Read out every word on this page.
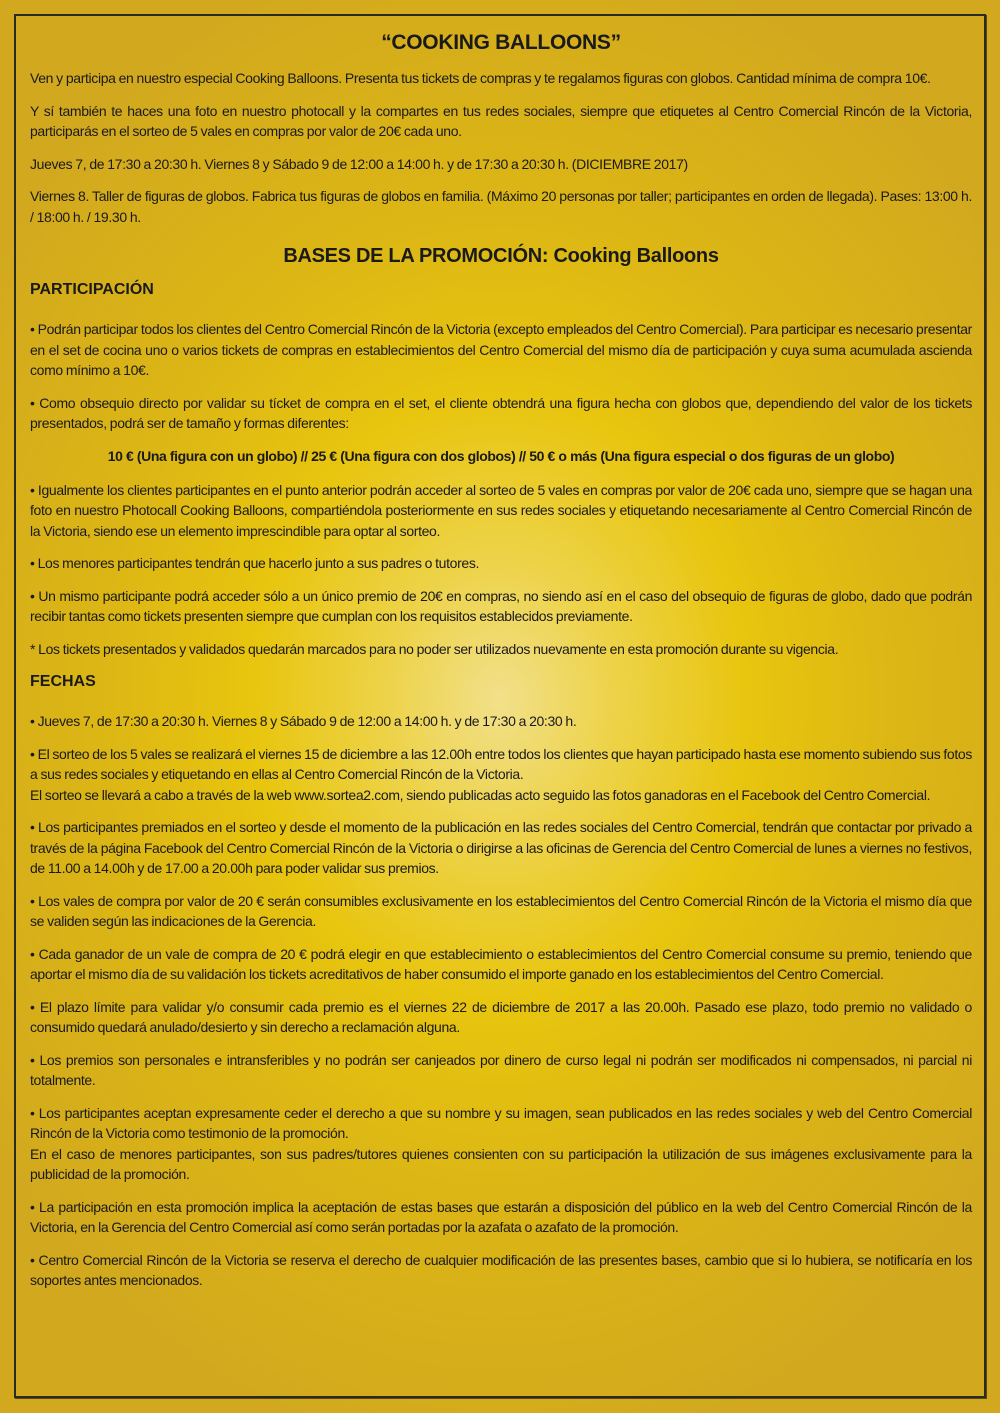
“COOKING BALLOONS”

Ven y participa en nuestro especial Cooking Balloons. Presenta tus tickets de compras y te regalamos figuras con globos. Cantidad mínima de compra 10€.

Y sí también te haces una foto en nuestro photocall y la compartes en tus redes sociales, siempre que etiquetes al Centro Comercial Rincón de la Victoria, participarás en el sorteo de 5 vales en compras por valor de 20€ cada uno.

Jueves 7, de 17:30 a 20:30 h. Viernes 8 y Sábado 9 de 12:00 a 14:00 h. y de 17:30 a 20:30 h. (DICIEMBRE 2017)

Viernes 8. Taller de figuras de globos. Fabrica tus figuras de globos en familia. (Máximo 20 personas por taller; participantes en orden de llegada). Pases: 13:00 h. / 18:00 h. / 19.30 h.

BASES DE LA PROMOCIÓN: Cooking Balloons
PARTICIPACIÓN

• Podrán participar todos los clientes del Centro Comercial Rincón de la Victoria (excepto empleados del Centro Comercial). Para participar es necesario presentar en el set de cocina uno o varios tickets de compras en establecimientos del Centro Comercial del mismo día de participación y cuya suma acumulada ascienda como mínimo a 10€.

• Como obsequio directo por validar su tícket de compra en el set, el cliente obtendrá una figura hecha con globos que, dependiendo del valor de los tickets presentados, podrá ser de tamaño y formas diferentes:

10 € (Una figura con un globo) // 25 € (Una figura con dos globos) // 50 € o más (Una figura especial o dos figuras de un globo)

• Igualmente los clientes participantes en el punto anterior podrán acceder al sorteo de 5 vales en compras por valor de 20€ cada uno, siempre que se hagan una foto en nuestro Photocall Cooking Balloons, compartiéndola posteriormente en sus redes sociales y etiquetando necesariamente al Centro Comercial Rincón de la Victoria, siendo ese un elemento imprescindible para optar al sorteo.

• Los menores participantes tendrán que hacerlo junto a sus padres o tutores.

• Un mismo participante podrá acceder sólo a un único premio de 20€ en compras, no siendo así en el caso del obsequio de figuras de globo, dado que podrán recibir tantas como tickets presenten siempre que cumplan con los requisitos establecidos previamente.

* Los tickets presentados y validados quedarán marcados para no poder ser utilizados nuevamente en esta promoción durante su vigencia.

FECHAS

• Jueves 7, de 17:30 a 20:30 h. Viernes 8 y Sábado 9 de 12:00 a 14:00 h. y de 17:30 a 20:30 h.

• El sorteo de los 5 vales se realizará el viernes 15 de diciembre a las 12.00h entre todos los clientes que hayan participado hasta ese momento subiendo sus fotos a sus redes sociales y etiquetando en ellas al Centro Comercial Rincón de la Victoria.
El sorteo se llevará a cabo a través de la web www.sortea2.com, siendo publicadas acto seguido las fotos ganadoras en el Facebook del Centro Comercial.

• Los participantes premiados en el sorteo y desde el momento de la publicación en las redes sociales del Centro Comercial, tendrán que contactar por privado a través de la página Facebook del Centro Comercial Rincón de la Victoria o dirigirse a las oficinas de Gerencia del Centro Comercial de lunes a viernes no festivos, de 11.00 a 14.00h y de 17.00 a 20.00h para poder validar sus premios.

• Los vales de compra por valor de 20 € serán consumibles exclusivamente en los establecimientos del Centro Comercial Rincón de la Victoria el mismo día que se validen según las indicaciones de la Gerencia.

• Cada ganador de un vale de compra de 20 € podrá elegir en que establecimiento o establecimientos del Centro Comercial consume su premio, teniendo que aportar el mismo día de su validación los tickets acreditativos de haber consumido el importe ganado en los establecimientos del Centro Comercial.

• El plazo límite para validar y/o consumir cada premio es el viernes 22 de diciembre de 2017 a las 20.00h. Pasado ese plazo, todo premio no validado o consumido quedará anulado/desierto y sin derecho a reclamación alguna.

• Los premios son personales e intransferibles y no podrán ser canjeados por dinero de curso legal ni podrán ser modificados ni compensados, ni parcial ni totalmente.

• Los participantes aceptan expresamente ceder el derecho a que su nombre y su imagen, sean publicados en las redes sociales y web del Centro Comercial Rincón de la Victoria como testimonio de la promoción.
En el caso de menores participantes, son sus padres/tutores quienes consienten con su participación la utilización de sus imágenes exclusivamente para la publicidad de la promoción.

• La participación en esta promoción implica la aceptación de estas bases que estarán a disposición del público en la web del Centro Comercial Rincón de la Victoria, en la Gerencia del Centro Comercial así como serán portadas por la azafata o azafato de la promoción.

• Centro Comercial Rincón de la Victoria se reserva el derecho de cualquier modificación de las presentes bases, cambio que si lo hubiera, se notificaría en los soportes antes mencionados.
